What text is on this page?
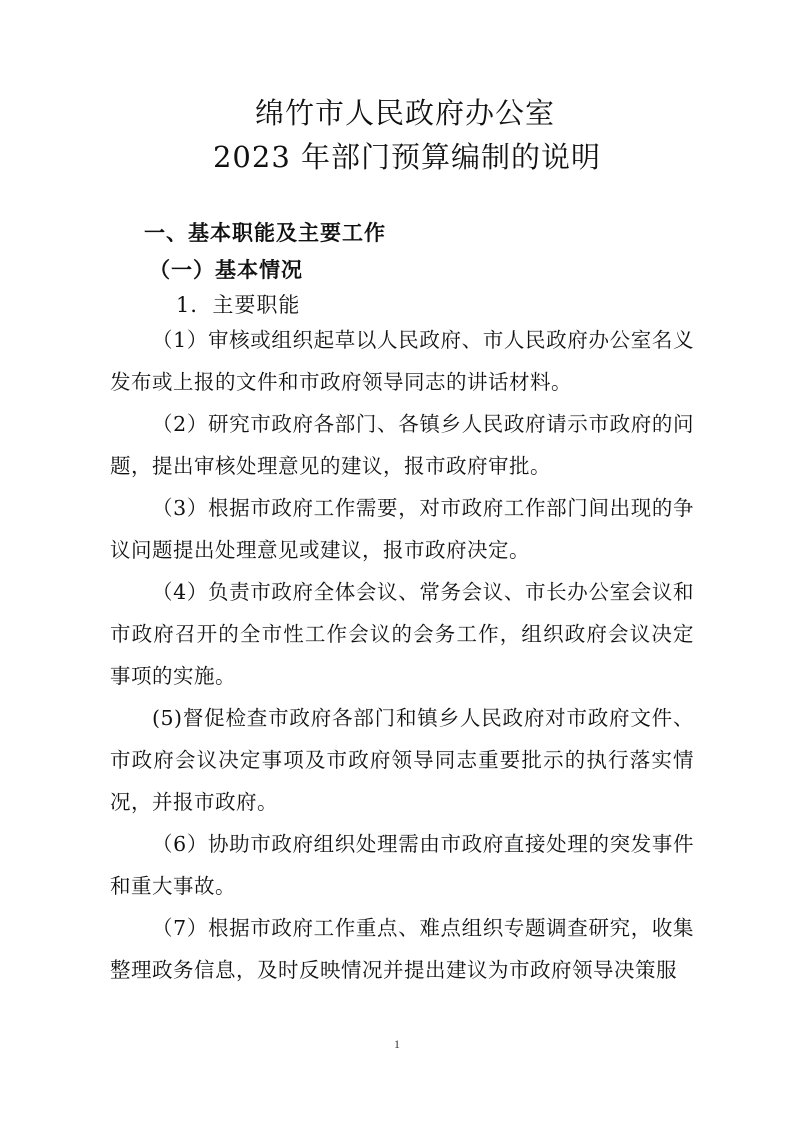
绵竹市人民政府办公室
2023 年部门预算编制的说明
一、基本职能及主要工作
（一）基本情况
1．主要职能
（1）审核或组织起草以人民政府、市人民政府办公室名义发布或上报的文件和市政府领导同志的讲话材料。
（2）研究市政府各部门、各镇乡人民政府请示市政府的问题，提出审核处理意见的建议，报市政府审批。
（3）根据市政府工作需要，对市政府工作部门间出现的争议问题提出处理意见或建议，报市政府决定。
（4）负责市政府全体会议、常务会议、市长办公室会议和市政府召开的全市性工作会议的会务工作，组织政府会议决定事项的实施。
(5)督促检查市政府各部门和镇乡人民政府对市政府文件、市政府会议决定事项及市政府领导同志重要批示的执行落实情况，并报市政府。
（6）协助市政府组织处理需由市政府直接处理的突发事件和重大事故。
（7）根据市政府工作重点、难点组织专题调查研究，收集整理政务信息，及时反映情况并提出建议为市政府领导决策服
1
